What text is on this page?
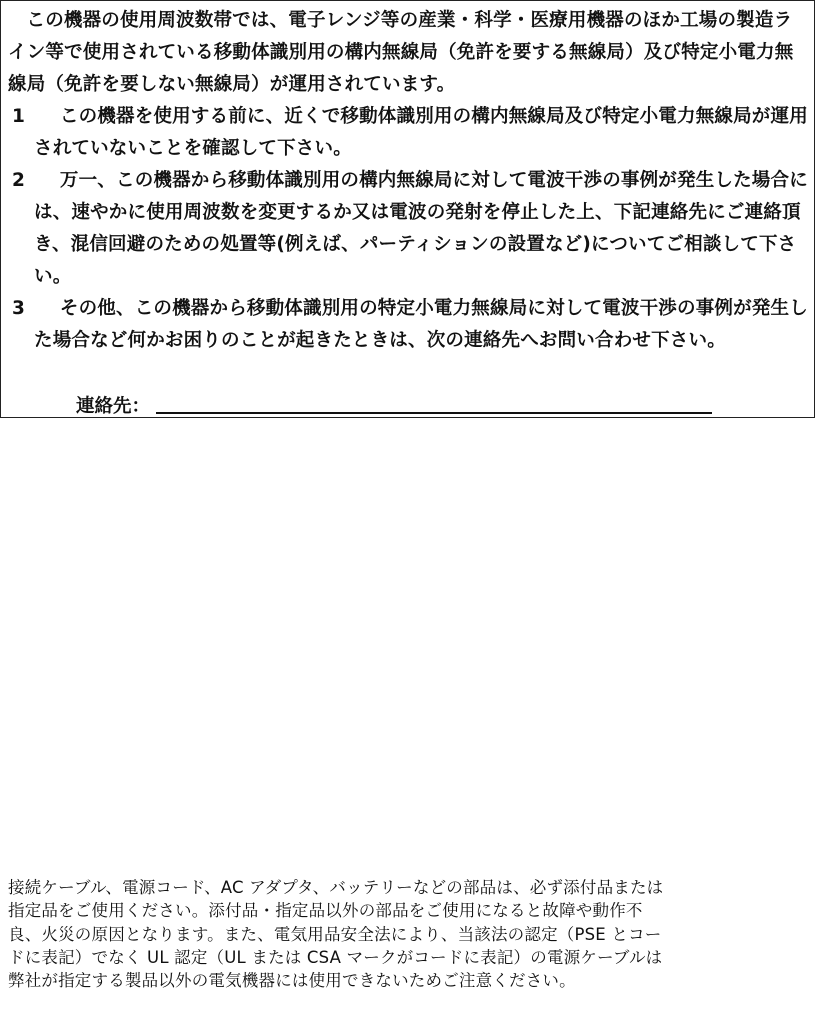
この機器の使用周波数帯では、電子レンジ等の産業・科学・医療用機器のほか工場の製造ライン等で使用されている移動体識別用の構内無線局（免許を要する無線局）及び特定小電力無線局（免許を要しない無線局）が運用されています。

1	この機器を使用する前に、近くで移動体識別用の構内無線局及び特定小電力無線局が運用されていないことを確認して下さい。
2	万一、この機器から移動体識別用の構内無線局に対して電波干渉の事例が発生した場合には、速やかに使用周波数を変更するか又は電波の発射を停止した上、下記連絡先にご連絡頂き、混信回避のための処置等(例えば、パーティションの設置など)についてご相談して下さい。
3	その他、この機器から移動体識別用の特定小電力無線局に対して電波干渉の事例が発生した場合など何かお困りのことが起きたときは、次の連絡先へお問い合わせ下さい。
連絡先：

接続ケーブル、電源コード、AC アダプタ、バッテリーなどの部品は、必ず添付品または指定品をご使用ください。添付品・指定品以外の部品をご使用になると故障や動作不良、火災の原因となります。また、電気用品安全法により、当該法の認定（PSE とコードに表記）でなく UL 認定（UL または CSA マークがコードに表記）の電源ケーブルは弊社が指定する製品以外の電気機器には使用できないためご注意ください。
